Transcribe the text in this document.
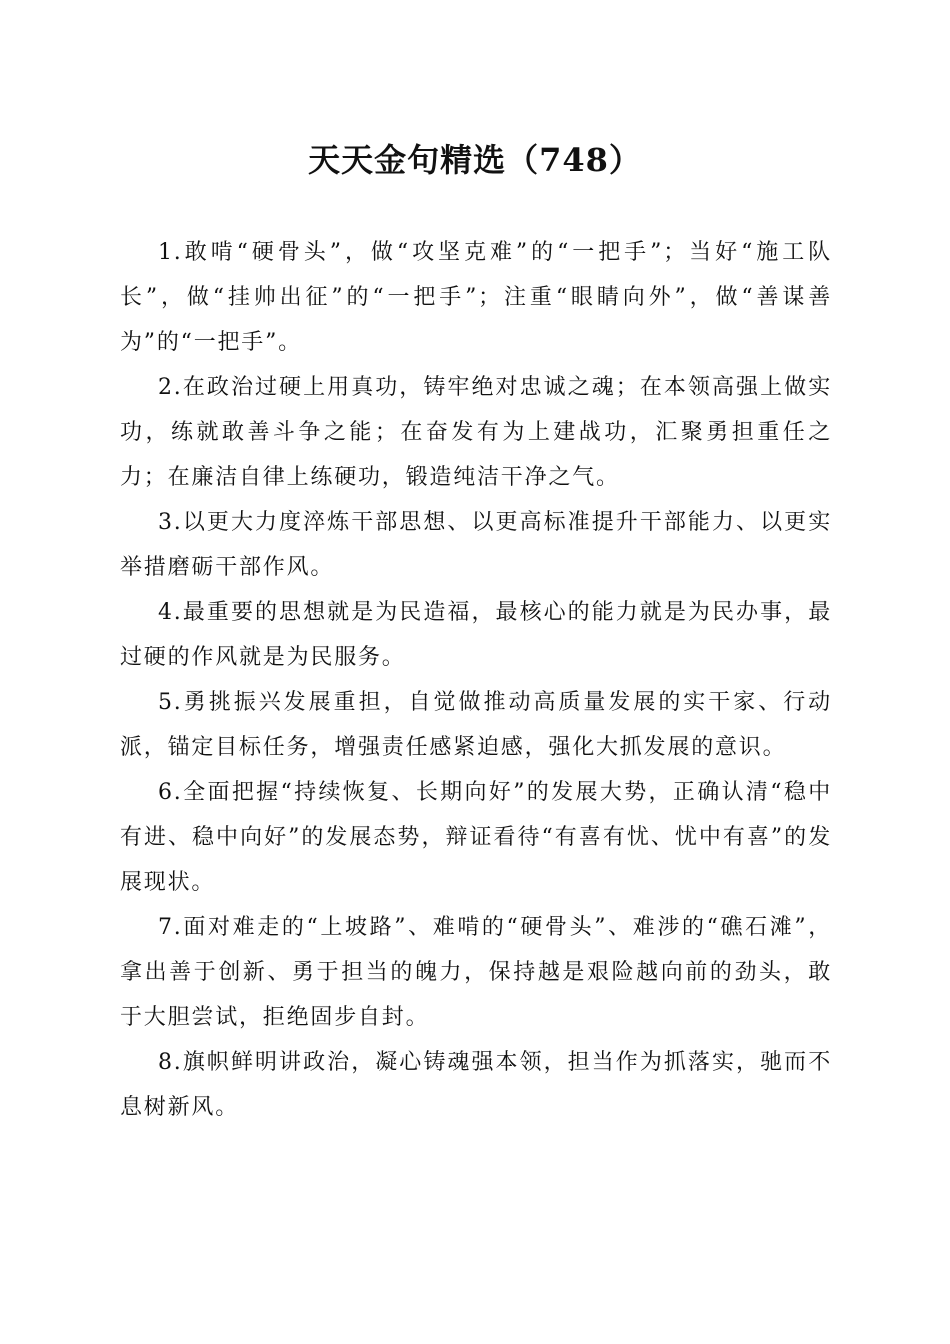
天天金句精选（748）

1.敢啃“硬骨头”，做“攻坚克难”的“一把手”；当好“施工队长”，做“挂帅出征”的“一把手”；注重“眼睛向外”，做“善谋善为”的“一把手”。

2.在政治过硬上用真功，铸牢绝对忠诚之魂；在本领高强上做实功，练就敢善斗争之能；在奋发有为上建战功，汇聚勇担重任之力；在廉洁自律上练硬功，锻造纯洁干净之气。

3.以更大力度淬炼干部思想、以更高标准提升干部能力、以更实举措磨砺干部作风。

4.最重要的思想就是为民造福，最核心的能力就是为民办事，最过硬的作风就是为民服务。

5.勇挑振兴发展重担，自觉做推动高质量发展的实干家、行动派，锚定目标任务，增强责任感紧迫感，强化大抓发展的意识。

6.全面把握“持续恢复、长期向好”的发展大势，正确认清“稳中有进、稳中向好”的发展态势，辩证看待“有喜有忧、忧中有喜”的发展现状。

7.面对难走的“上坡路”、难啃的“硬骨头”、难涉的“礁石滩”，拿出善于创新、勇于担当的魄力，保持越是艰险越向前的劲头，敢于大胆尝试，拒绝固步自封。

8.旗帜鲜明讲政治，凝心铸魂强本领，担当作为抓落实，驰而不息树新风。
